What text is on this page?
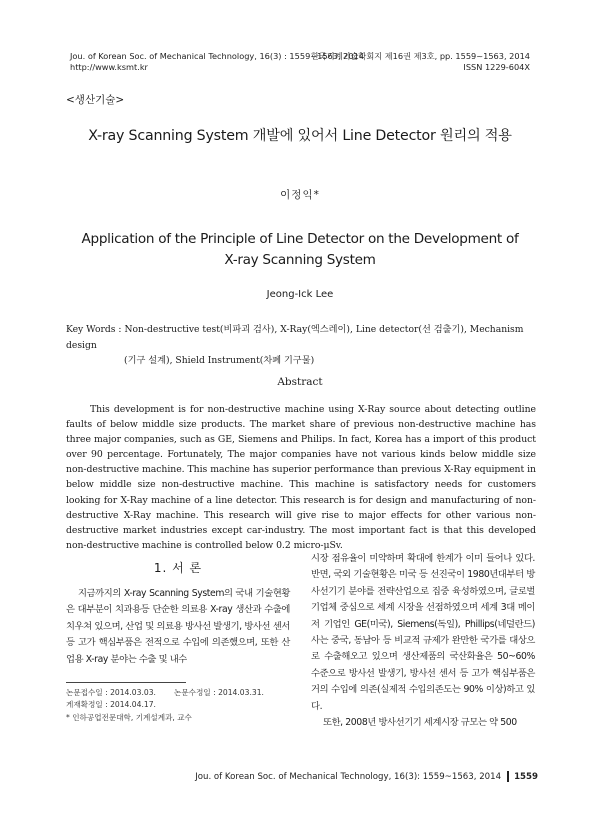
Jou. of Korean Soc. of Mechanical Technology, 16(3) : 1559~1563, 2014
http://www.ksmt.kr
한국기계기술학회지 제16권 제3호, pp. 1559~1563, 2014
ISSN 1229-604X
<생산기술>
X-ray Scanning System 개발에 있어서 Line Detector 원리의 적용
이정익*
Application of the Principle of Line Detector on the Development of
X-ray Scanning System
Jeong-Ick Lee
Key Words : Non-destructive test(비파괴 검사), X-Ray(엑스레이), Line detector(선 검출기), Mechanism design
(기구 설계), Shield Instrument(차폐 기구물)
Abstract
This development is for non-destructive machine using X-Ray source about detecting outline faults of below middle size products. The market share of previous non-destructive machine has three major companies, such as GE, Siemens and Philips. In fact, Korea has a import of this product over 90 percentage. Fortunately, The major companies have not various kinds below middle size non-destructive machine. This machine has superior performance than previous X-Ray equipment in below middle size non-destructive machine. This machine is satisfactory needs for customers looking for X-Ray machine of a line detector. This research is for design and manufacturing of non-destructive X-Ray machine. This research will give rise to major effects for other various non-destructive market industries except car-industry. The most important fact is that this developed non-destructive machine is controlled below 0.2 micro-μSv.
1. 서 론
지금까지의 X-ray Scanning System의 국내 기술현황은 대부분이 치과용등 단순한 의료용 X-ray 생산과 수출에 치우쳐 있으며, 산업 및 의료용 방사선 발생기, 방사선 센서 등 고가 핵심부품은 전적으로 수입에 의존했으며, 또한 산업용 X-ray 분야는 수출 및 내수
시장 점유율이 미약하며 확대에 한계가 이미 들어나 있다. 반면, 국외 기술현황은 미국 등 선진국이 1980년대부터 방사선기기 분야를 전략산업으로 집중 육성하였으며, 글로벌 기업체 중심으로 세계 시장을 선점하였으며 세계 3대 메이저 기업인 GE(미국), Siemens(독일), Phillips(네덜란드)사는 중국, 동남아 등 비교적 규제가 완만한 국가를 대상으로 수출해오고 있으며 생산제품의 국산화율은 50~60% 수준으로 방사선 발생기, 방사선 센서 등 고가 핵심부품은 거의 수입에 의존(실제적 수입의존도는 90% 이상)하고 있다.
또한, 2008년 방사선기기 세계시장 규모는 약 500
논문접수일 : 2014.03.03.	논문수정일 : 2014.03.31.
게재확정일 : 2014.04.17.
* 인하공업전문대학, 기계설계과, 교수
Jou. of Korean Soc. of Mechanical Technology, 16(3): 1559~1563, 2014 1559
